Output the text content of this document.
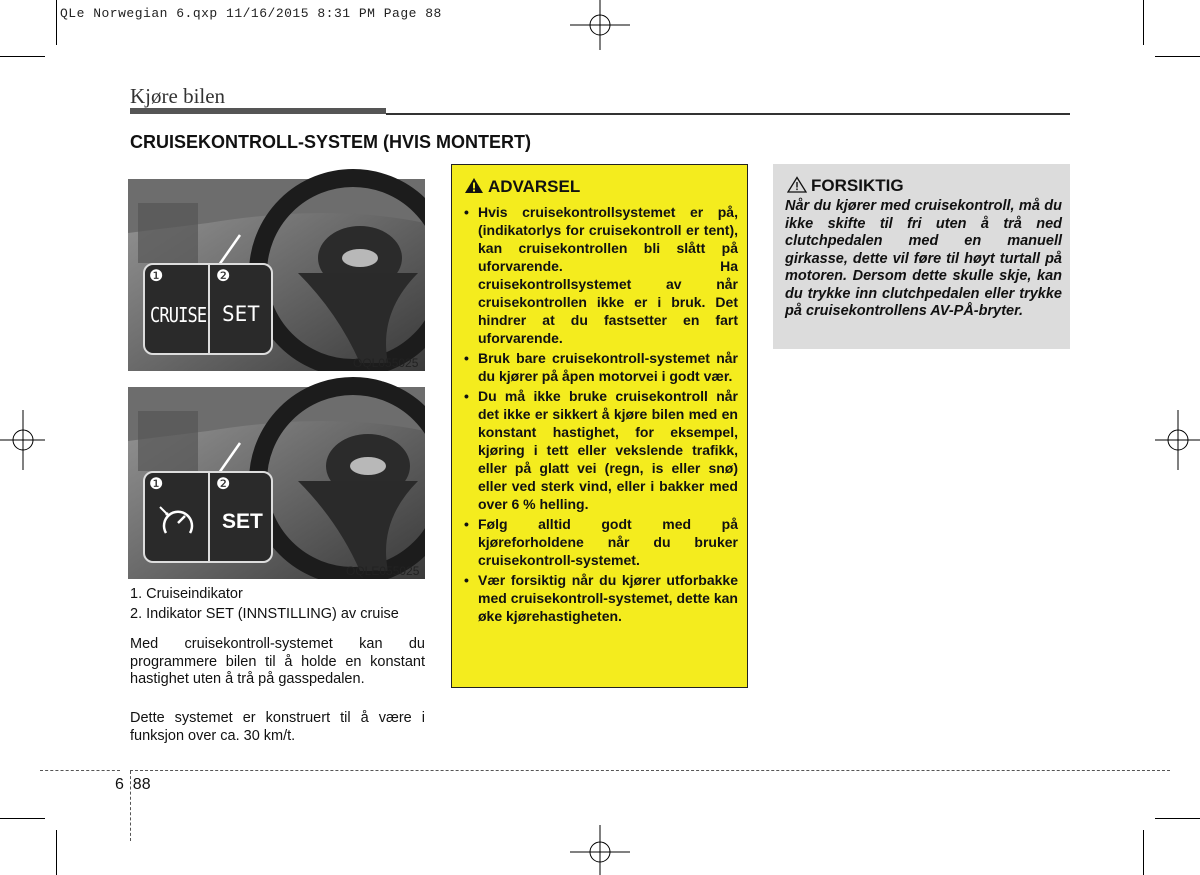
QLe Norwegian 6.qxp 11/16/2015 8:31 PM Page 88
Kjøre bilen
CRUISEKONTROLL-SYSTEM (HVIS MONTERT)
❶	❷
CRUISE SET
OQL055025
❶	❷
SET
OQLE055025
1. Cruiseindikator
2. Indikator SET (INNSTILLING) av cruise
Med cruisekontroll-systemet kan du programmere bilen til å holde en konstant hastighet uten å trå på gasspedalen.
Dette systemet er konstruert til å være i funksjon over ca. 30 km/t.
ADVARSEL
• Hvis cruisekontrollsystemet er på, (indikatorlys for cruisekontroll er tent), kan cruisekontrollen bli slått på uforvarende. Ha cruisekontrollsystemet av når cruisekontrollen ikke er i bruk. Det hindrer at du fastsetter en fart uforvarende.
• Bruk bare cruisekontroll-systemet når du kjører på åpen motorvei i godt vær.
• Du må ikke bruke cruisekontroll når det ikke er sikkert å kjøre bilen med en konstant hastighet, for eksempel, kjøring i tett eller vekslende trafikk, eller på glatt vei (regn, is eller snø) eller ved sterk vind, eller i bakker med over 6 % helling.
• Følg alltid godt med på kjøreforholdene når du bruker cruisekontroll-systemet.
• Vær forsiktig når du kjører utforbakke med cruisekontroll-systemet, dette kan øke kjørehastigheten.
FORSIKTIG
Når du kjører med cruisekontroll, må du ikke skifte til fri uten å trå ned clutchpedalen med en manuell girkasse, dette vil føre til høyt turtall på motoren. Dersom dette skulle skje, kan du trykke inn clutchpedalen eller trykke på cruisekontrollens AV-PÅ-bryter.
6 88
